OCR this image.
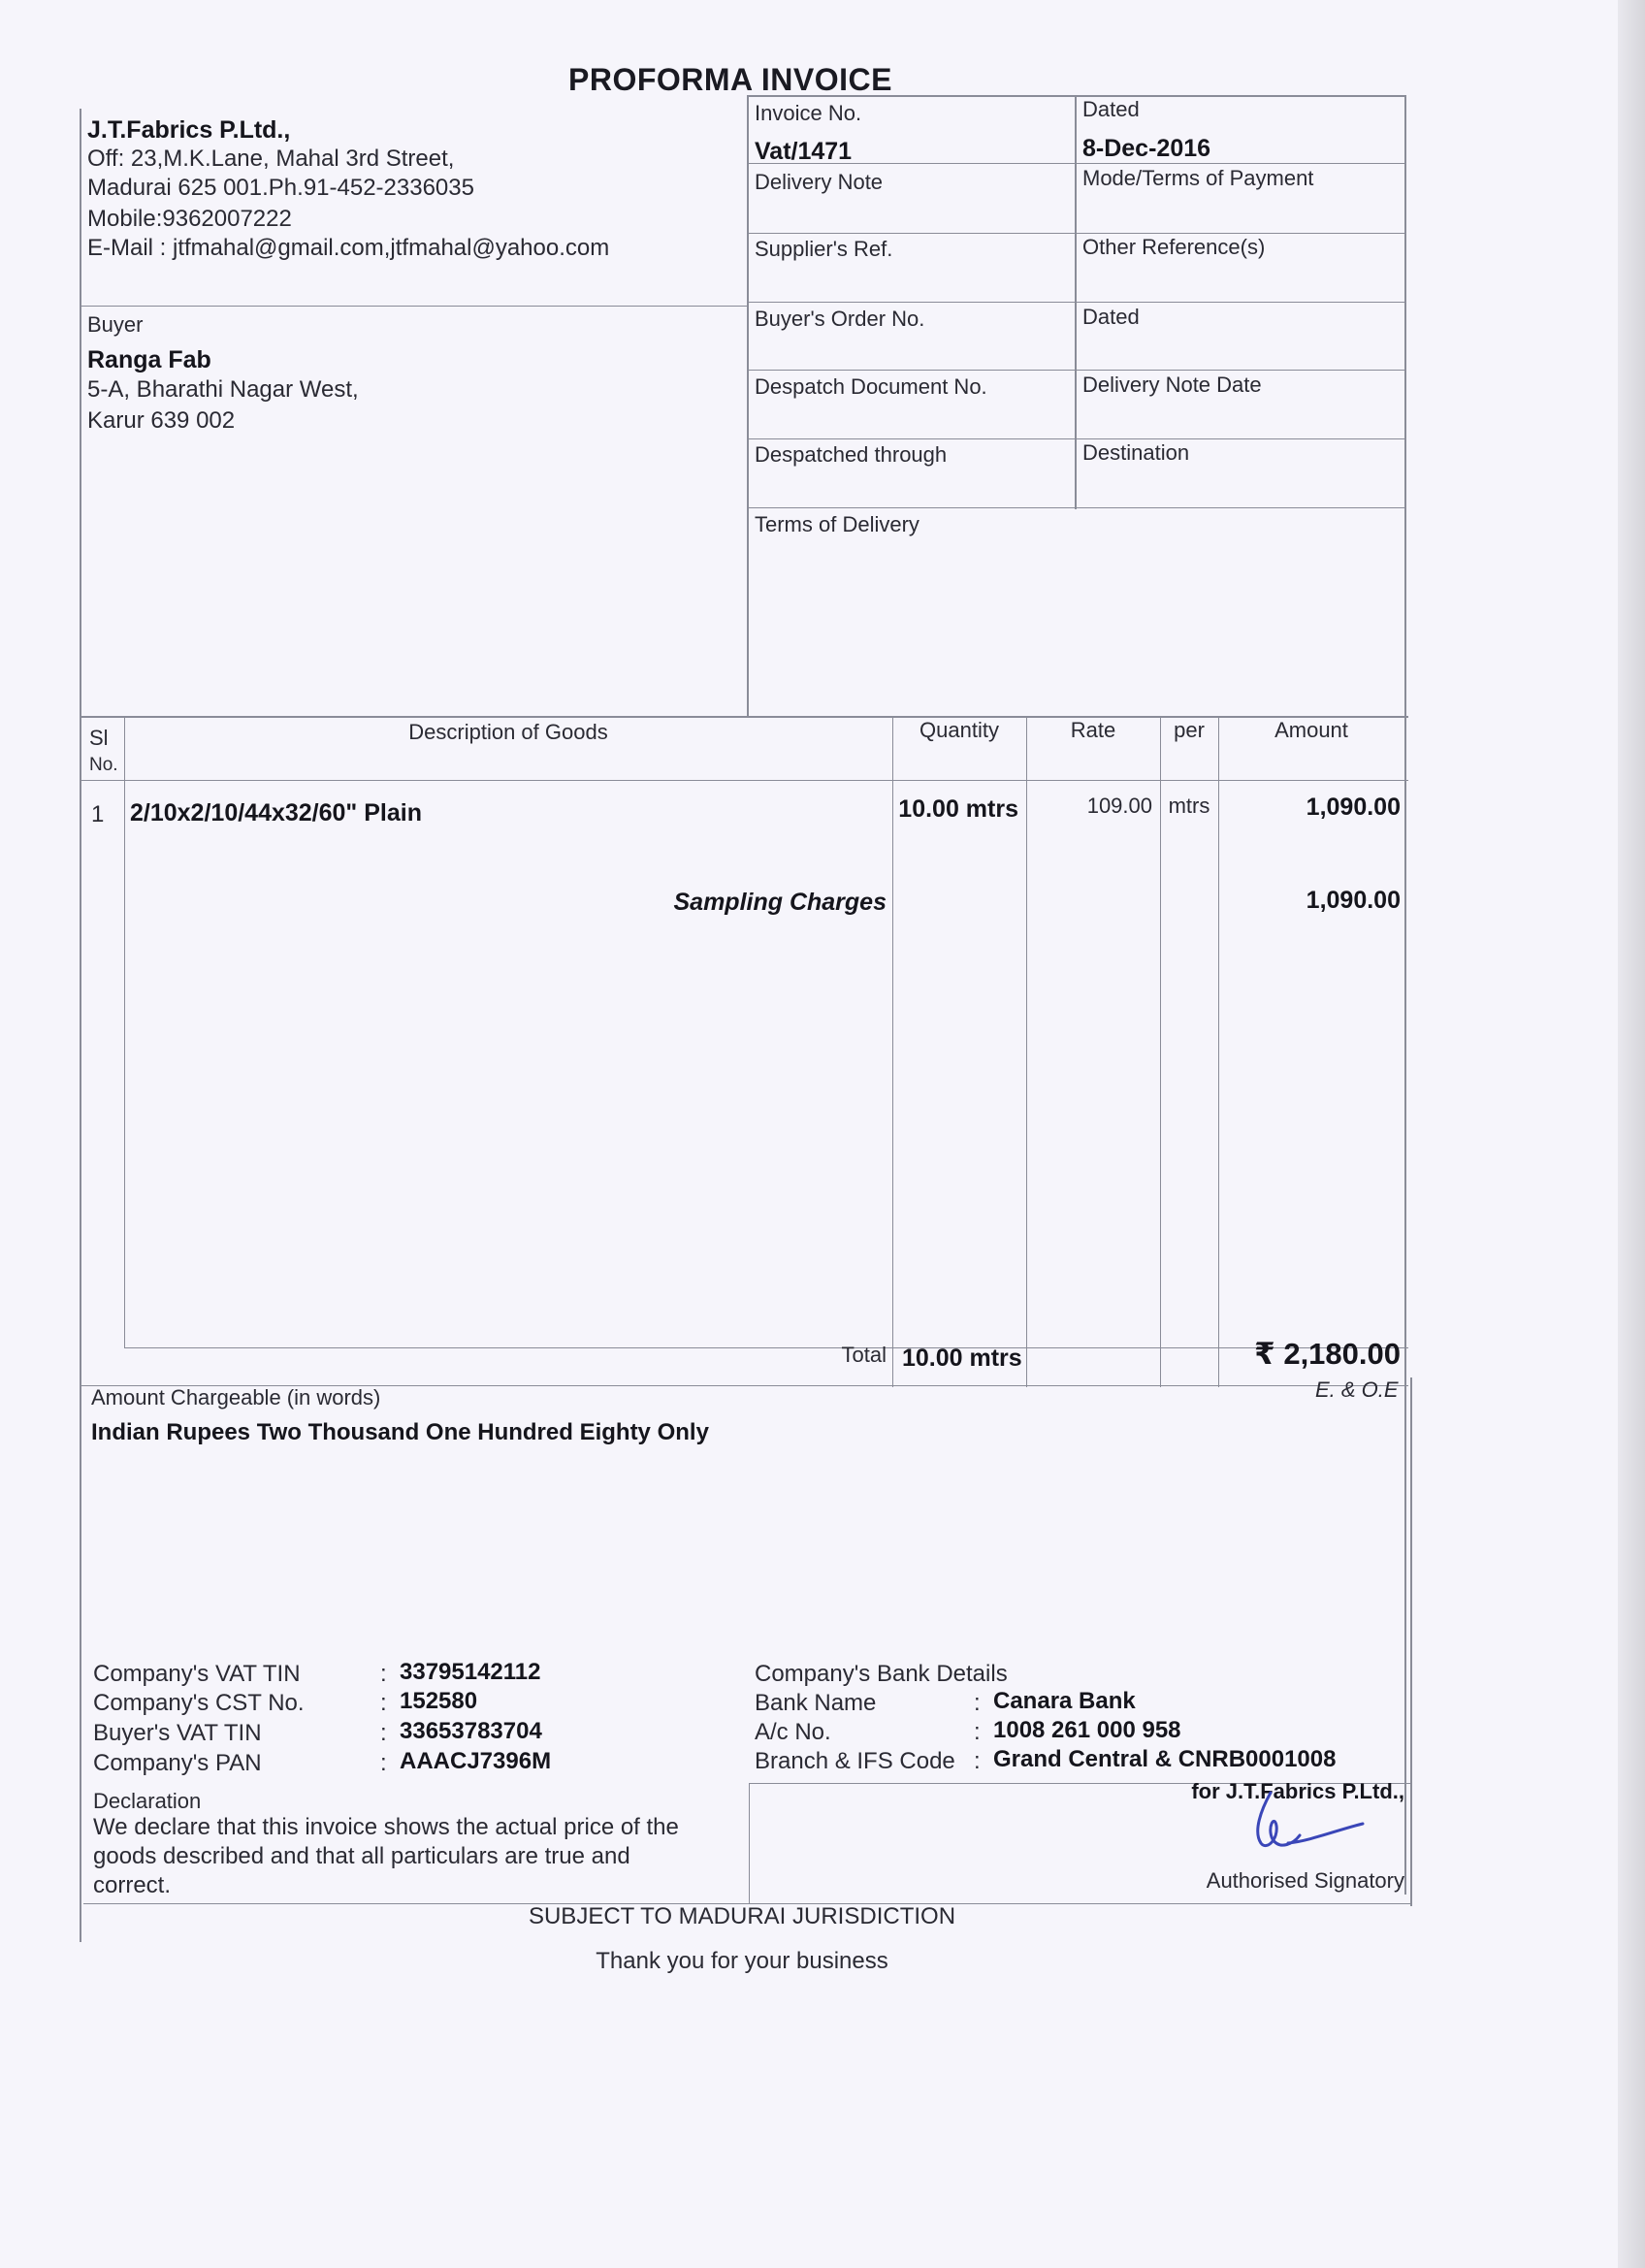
PROFORMA INVOICE
J.T.Fabrics P.Ltd.,
Off: 23,M.K.Lane, Mahal 3rd Street,
Madurai 625 001.Ph.91-452-2336035
Mobile:9362007222
E-Mail : jtfmahal@gmail.com,jtfmahal@yahoo.com
Buyer
Ranga Fab
5-A, Bharathi Nagar West,
Karur 639 002
Invoice No.
Vat/1471
Dated
8-Dec-2016
Delivery Note	Mode/Terms of Payment
Supplier's Ref.	Other Reference(s)
Buyer's Order No.	Dated
Despatch Document No.	Delivery Note Date
Despatched through	Destination
Terms of Delivery
Sl
No.
Description of Goods	Quantity	Rate	per	Amount
1 2/10x2/10/44x32/60" Plain	10.00 mtrs	109.00 mtrs	1,090.00
Sampling Charges	1,090.00
Total 10.00 mtrs	₹ 2,180.00
Amount Chargeable (in words)	E. & O.E
Indian Rupees Two Thousand One Hundred Eighty Only
Company's VAT TIN	: 33795142112
Company's CST No.	: 152580
Buyer's VAT TIN	: 33653783704
Company's PAN	: AAACJ7396M
Company's Bank Details
Bank Name	: Canara Bank
A/c No.	: 1008 261 000 958
Branch & IFS Code : Grand Central & CNRB0001008
Declaration
We declare that this invoice shows the actual price of the
goods described and that all particulars are true and
correct.
for J.T.Fabrics P.Ltd.,
Authorised Signatory
SUBJECT TO MADURAI JURISDICTION
Thank you for your business
